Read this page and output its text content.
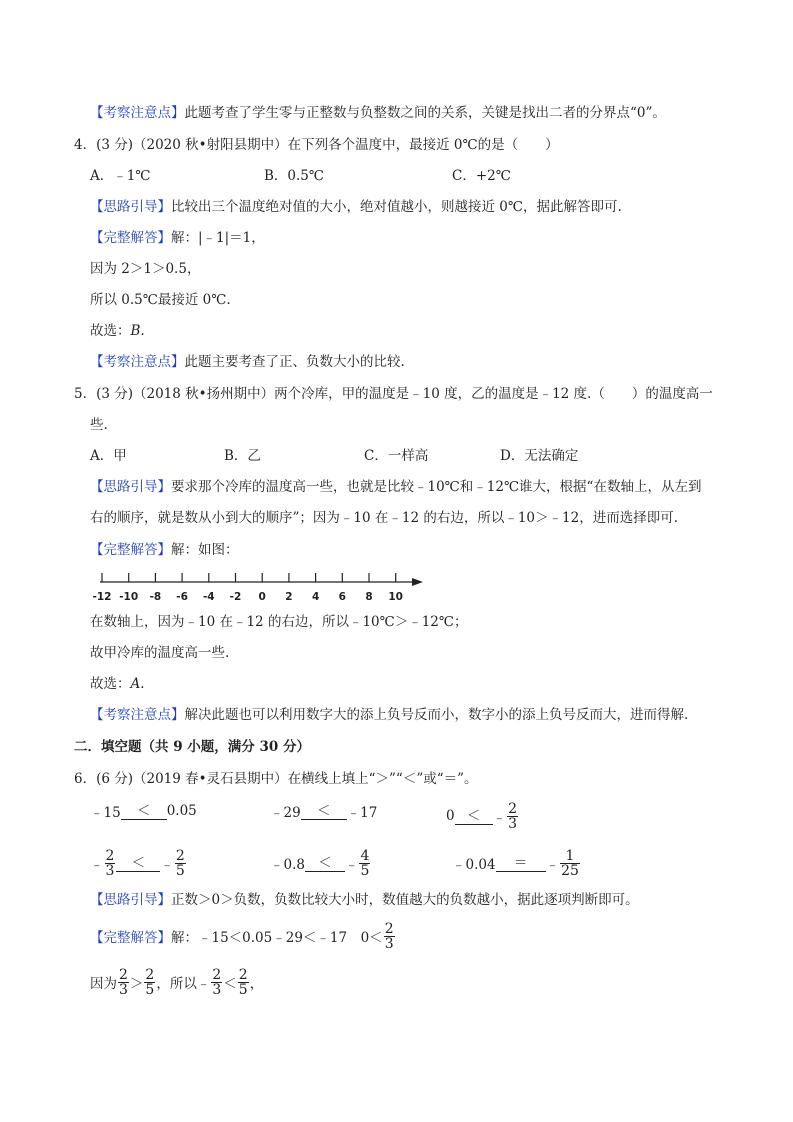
【考察注意点】此题考查了学生零与正整数与负整数之间的关系，关键是找出二者的分界点“0”。
4．(3 分)（2020 秋•射阳县期中）在下列各个温度中，最接近 0℃的是（　　）
A．﹣1℃	B．0.5℃	C．+2℃
【思路引导】比较出三个温度绝对值的大小，绝对值越小，则越接近 0℃，据此解答即可.
【完整解答】解：|﹣1|＝1，
因为 2＞1＞0.5，
所以 0.5℃最接近 0℃.
故选：B.
【考察注意点】此题主要考查了正、负数大小的比较.
5．(3 分)（2018 秋•扬州期中）两个冷库，甲的温度是﹣10 度，乙的温度是﹣12 度.（　　）的温度高一
些.
A．甲	B．乙	C．一样高	D．无法确定
【思路引导】要求那个冷库的温度高一些，也就是比较﹣10℃和﹣12℃谁大，根据“在数轴上，从左到
右的顺序，就是数从小到大的顺序”；因为﹣10 在﹣12 的右边，所以﹣10＞﹣12，进而选择即可.
【完整解答】解：如图：
-12 -10 -8 -6 -4 -2 0 2 4 6 8 10
在数轴上，因为﹣10 在﹣12 的右边，所以﹣10℃＞﹣12℃；
故甲冷库的温度高一些.
故选：A.
【考察注意点】解决此题也可以利用数字大的添上负号反而小，数字小的添上负号反而大，进而得解.
二．填空题（共 9 小题，满分 30 分）
6．(6 分)（2019 春•灵石县期中）在横线上填上“＞”“＜”或“＝”。
﹣15	＜	0.05	﹣29	＜	﹣17	0 ＜ ﹣ $\frac{2}{3}$
﹣ $\frac{2}{3}$	＜	﹣ $\frac{2}{5}$	﹣0.8 ＜ ﹣ $\frac{4}{5}$	﹣0.04	＝	﹣ $\frac{1}{25}$
【思路引导】正数＞0＞负数，负数比较大小时，数值越大的负数越小，据此逐项判断即可。
【完整解答】 解：﹣15＜0.05﹣29＜﹣17　$0< \frac{2}{3}$
因为 $\frac{2}{3} > \frac{2}{5}$ ，所以﹣ $\frac{2}{3} < \frac{2}{5}$ ，
